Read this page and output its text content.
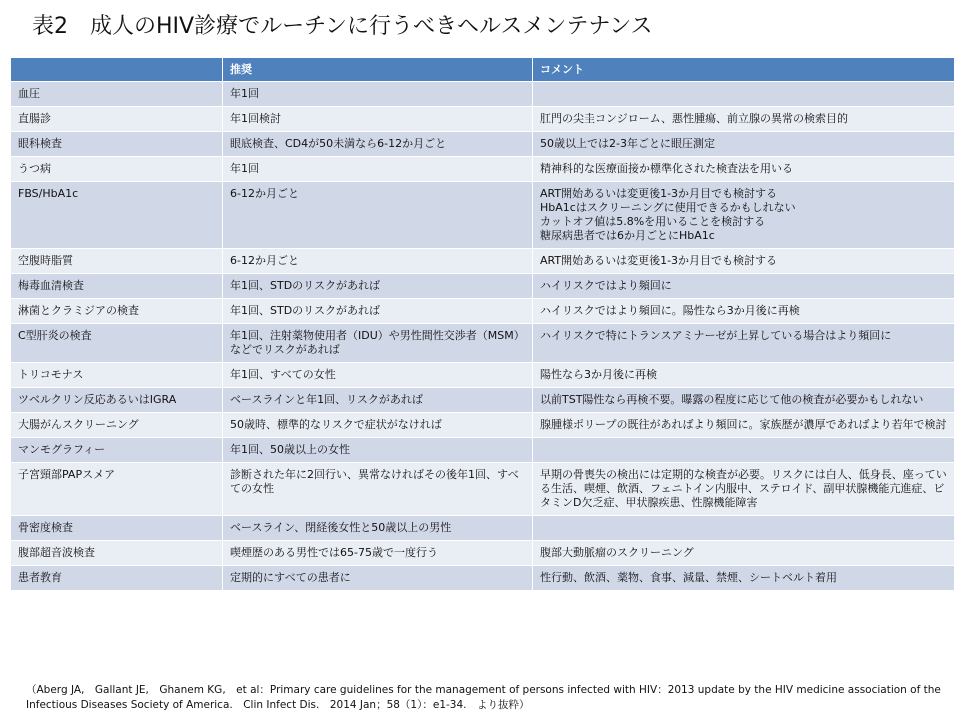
表2　成人のHIV診療でルーチンに行うべきヘルスメンテナンス
	推奨	コメント
血圧	年1回	
直腸診	年1回検討	肛門の尖圭コンジローム、悪性腫瘍、前立腺の異常の検索目的
眼科検査	眼底検査、CD4が50未満なら6-12か月ごと	50歳以上では2-3年ごとに眼圧測定
うつ病	年1回	精神科的な医療面接か標準化された検査法を用いる
FBS/HbA1c	6-12か月ごと	ART開始あるいは変更後1-3か月目でも検討する
HbA1cはスクリーニングに使用できるかもしれない
カットオフ値は5.8%を用いることを検討する
糖尿病患者では6か月ごとにHbA1c
空腹時脂質	6-12か月ごと	ART開始あるいは変更後1-3か月目でも検討する
梅毒血清検査	年1回、STDのリスクがあれば	ハイリスクではより頻回に
淋菌とクラミジアの検査	年1回、STDのリスクがあれば	ハイリスクではより頻回に。陽性なら3か月後に再検
C型肝炎の検査	年1回、注射薬物使用者（IDU）や男性間性交渉者（MSM）などでリスクがあれば	ハイリスクで特にトランスアミナーゼが上昇している場合はより頻回に
トリコモナス	年1回、すべての女性	陽性なら3か月後に再検
ツベルクリン反応あるいはIGRA	ベースラインと年1回、リスクがあれば	以前TST陽性なら再検不要。曝露の程度に応じて他の検査が必要かもしれない
大腸がんスクリーニング	50歳時、標準的なリスクで症状がなければ	腺腫様ポリープの既往があればより頻回に。家族歴が濃厚であればより若年で検討
マンモグラフィー	年1回、50歳以上の女性	
子宮頸部PAPスメア	診断された年に2回行い、異常なければその後年1回、すべての女性	早期の骨喪失の検出には定期的な検査が必要。リスクには白人、低身長、座っている生活、喫煙、飲酒、フェニトイン内服中、ステロイド、副甲状腺機能亢進症、ビタミンD欠乏症、甲状腺疾患、性腺機能障害
骨密度検査	ベースライン、閉経後女性と50歳以上の男性	
腹部超音波検査	喫煙歴のある男性では65-75歳で一度行う	腹部大動脈瘤のスクリーニング
患者教育	定期的にすべての患者に	性行動、飲酒、薬物、食事、減量、禁煙、シートベルト着用
（Aberg JA,　Gallant JE,　Ghanem KG,　et al：Primary care guidelines for the management of persons infected with HIV：2013 update by the HIV medicine association of the Infectious Diseases Society of America.　Clin Infect Dis.　2014 Jan；58（1）：e1-34.　より抜粋）
